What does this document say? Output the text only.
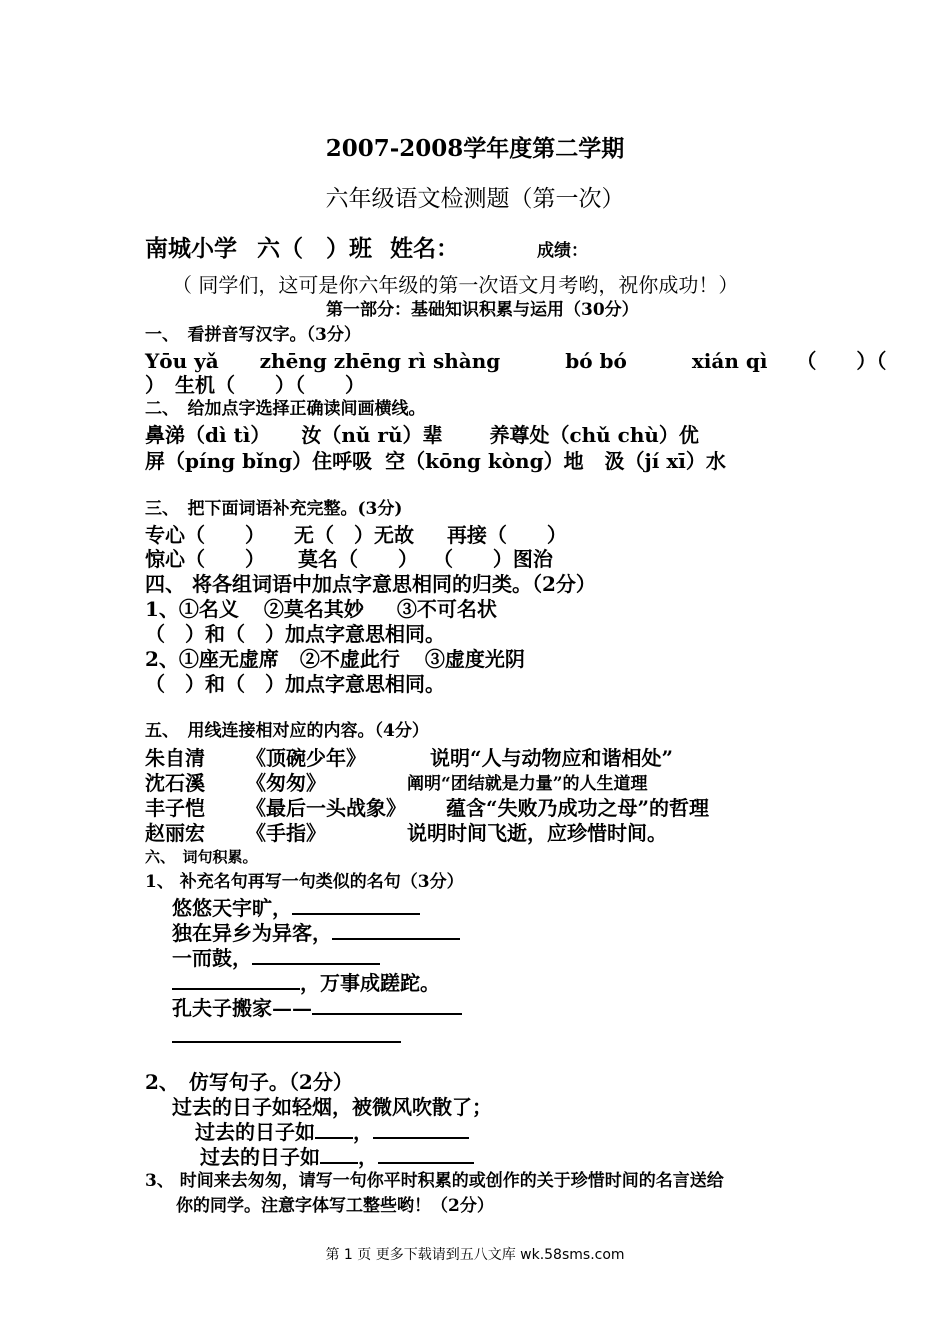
2007-2008学年度第二学期
六年级语文检测题（第一次）
南城小学 六（　）班 姓名：	成绩：
（ 同学们，这可是你六年级的第一次语文月考哟，祝你成功！）
第一部分：基础知识积累与运用（30分）
一、　看拼音写汉字。（3分）
Yōu yǎ zhēng zhēng rì shàng	bó bó	xián qì （　　）（
）　生机（　　）（　　）
二、　给加点字选择正确读间画横线。
鼻涕（dì tì） 汝（nǔ rǔ）辈 养尊处（chǔ chù）优
屏（píng bǐng）住呼吸 空（kōng kòng）地 汲（jí xī）水
三、　把下面词语补充完整。(3分)
专心（　　） 无（　）无故 再接（　　）
惊心（　　） 莫名（　　） （　　）图治
四、 将各组词语中加点字意思相同的归类。（2分）
1、①名义 ②莫名其妙 ③不可名状
（　）和（　）加点字意思相同。
2、①座无虚席 ②不虚此行 ③虚度光阴
（　）和（　）加点字意思相同。
五、　用线连接相对应的内容。（4分）
朱自清 《顶碗少年》	说明“人与动物应和谐相处”
沈石溪 《匆匆》	阐明“团结就是力量”的人生道理
丰子恺 《最后一头战象》 蕴含“失败乃成功之母”的哲理
赵丽宏 《手指》	说明时间飞逝，应珍惜时间。
六、　词句积累。
1、 补充名句再写一句类似的名句（3分）
悠悠天宇旷，
独在异乡为异客，
一而鼓，
，万事成蹉跎。
孔夫子搬家——
2、　仿写句子。（2分）
过去的日子如轻烟，被微风吹散了；
过去的日子如 ，
过去的日子如 ，
3、 时间来去匆匆，请写一句你平时积累的或创作的关于珍惜时间的名言送给
你的同学。注意字体写工整些哟！（2分）
第 1 页 更多下载请到五八文库 wk.58sms.com
